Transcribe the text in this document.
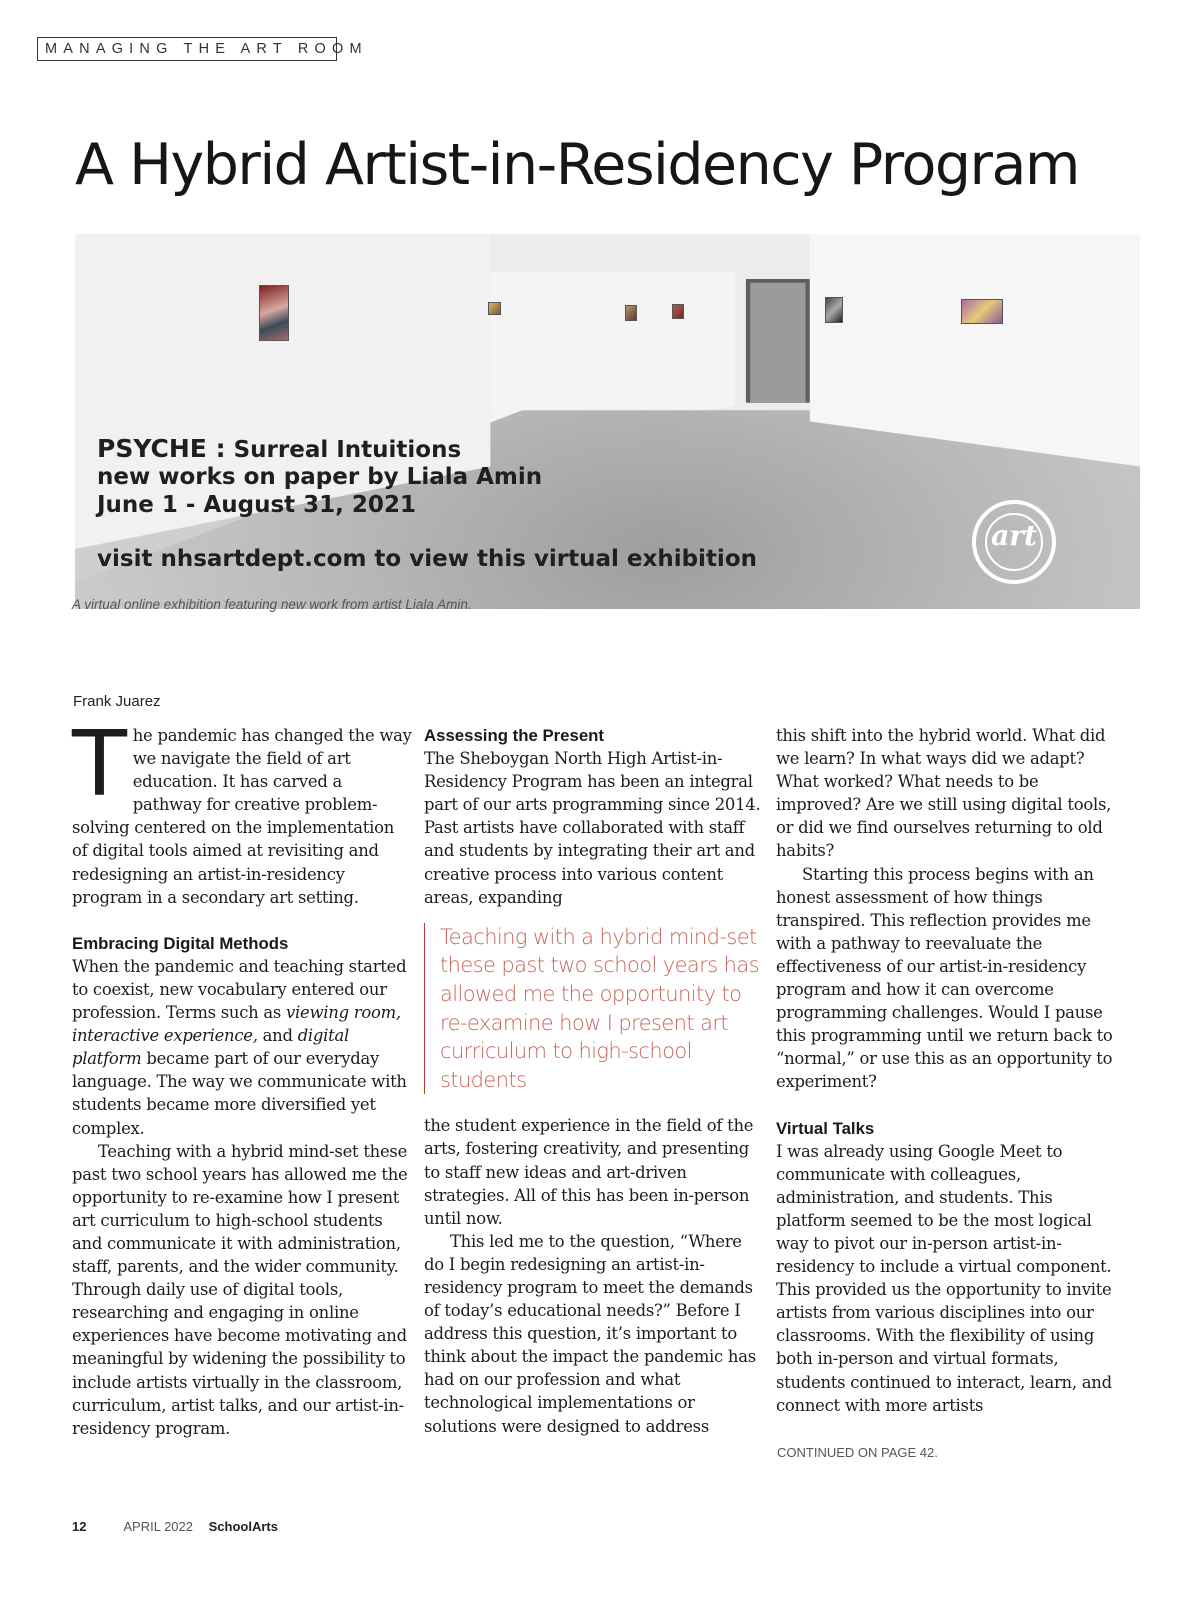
MANAGING THE ART ROOM
A Hybrid Artist-in-Residency Program
PSYCHE : Surreal Intuitions
new works on paper by Liala Amin
June 1 - August 31, 2021
visit nhsartdept.com to view this virtual exhibition
art

A virtual online exhibition featuring new work from artist Liala Amin.

Frank Juarez

The pandemic has changed the way we navigate the field of art education. It has carved a pathway for creative problem-solving centered on the implementation of digital tools aimed at revisiting and redesigning an artist-in-residency program in a secondary art setting.

Embracing Digital Methods

When the pandemic and teaching started to coexist, new vocabulary entered our profession. Terms such as viewing room, interactive experience, and digital platform became part of our everyday language. The way we communicate with students became more diversified yet complex.

Teaching with a hybrid mind-set these past two school years has allowed me the opportunity to re-examine how I present art curriculum to high-school students and communicate it with administration, staff, parents, and the wider community. Through daily use of digital tools, researching and engaging in online experiences have become motivating and meaningful by widening the possibility to include artists virtually in the classroom, curriculum, artist talks, and our artist-in-residency program.

Assessing the Present

The Sheboygan North High Artist-in-Residency Program has been an integral part of our arts programming since 2014. Past artists have collaborated with staff and students by integrating their art and creative process into various content areas, expanding

Teaching with a hybrid mind-set these past two school years has allowed me the opportunity to re-examine how I present art curriculum to high-school students

the student experience in the field of the arts, fostering creativity, and presenting to staff new ideas and art-driven strategies. All of this has been in-person until now.

This led me to the question, “Where do I begin redesigning an artist-in-residency program to meet the demands of today’s educational needs?” Before I address this question, it’s important to think about the impact the pandemic has had on our profession and what technological implementations or solutions were designed to address

this shift into the hybrid world. What did we learn? In what ways did we adapt? What worked? What needs to be improved? Are we still using digital tools, or did we find ourselves returning to old habits?

Starting this process begins with an honest assessment of how things transpired. This reflection provides me with a pathway to reevaluate the effectiveness of our artist-in-residency program and how it can overcome programming challenges. Would I pause this programming until we return back to “normal,” or use this as an opportunity to experiment?

Virtual Talks

I was already using Google Meet to communicate with colleagues, administration, and students. This platform seemed to be the most logical way to pivot our in-person artist-in-residency to include a virtual component. This provided us the opportunity to invite artists from various disciplines into our classrooms. With the flexibility of using both in-person and virtual formats, students continued to interact, learn, and connect with more artists

CONTINUED ON PAGE 42.
12	APRIL 2022 SchoolArts
